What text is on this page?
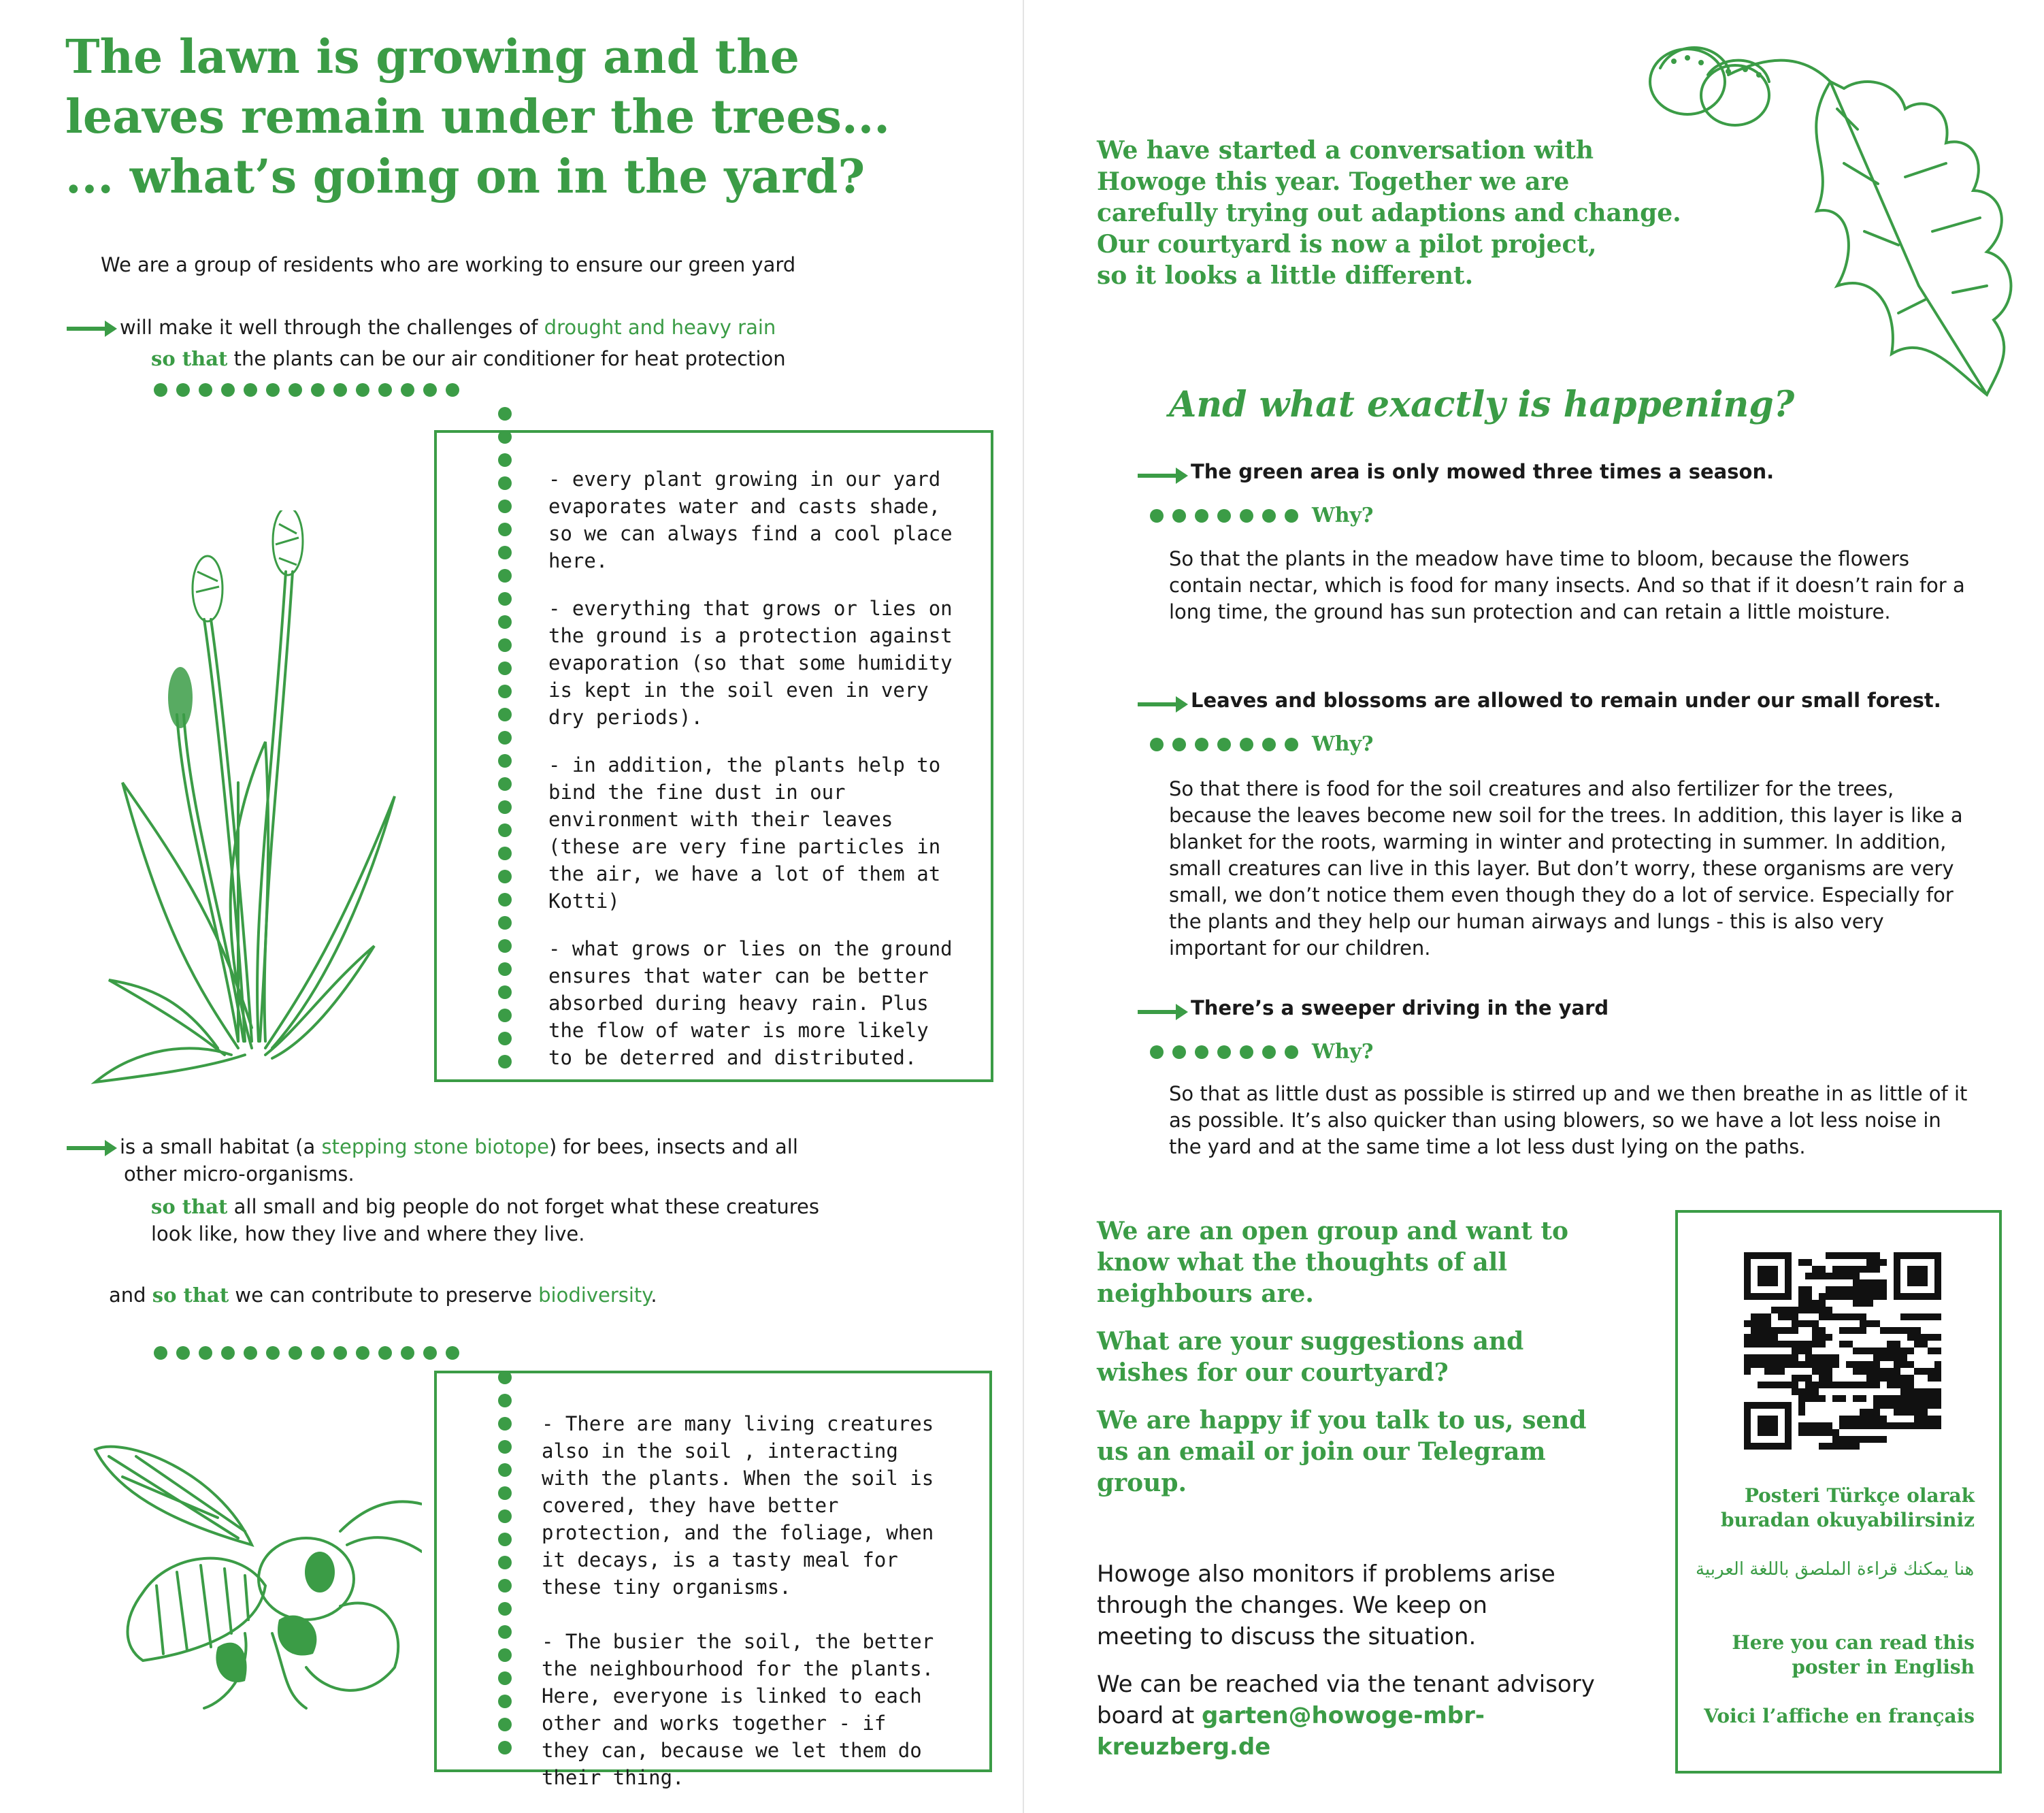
The lawn is growing and the
leaves remain under the trees...
... what’s going on in the yard?
We are a group of residents who are working to ensure our green yard
will make it well through the challenges of drought and heavy rain
so that the plants can be our air conditioner for heat protection

- every plant growing in our yard evaporates water and casts shade, so we can always find a cool place here.

- everything that grows or lies on the ground is a protection against evaporation (so that some humidity is kept in the soil even in very dry periods).

- in addition, the plants help to bind the fine dust in our environment with their leaves (these are very fine particles in the air, we have a lot of them at Kotti)

- what grows or lies on the ground ensures that water can be better absorbed during heavy rain. Plus the flow of water is more likely to be deterred and distributed.

is a small habitat (a stepping stone biotope) for bees, insects and all
other micro-organisms.
so that all small and big people do not forget what these creatures
look like, how they live and where they live.
and so that we can contribute to preserve biodiversity.

- There are many living creatures also in the soil , interacting with the plants. When the soil is covered, they have better protection, and the foliage, when it decays, is a tasty meal for these tiny organisms.

- The busier the soil, the better the neighbourhood for the plants. Here, everyone is linked to each other and works together - if they can, because we let them do their thing.

We have started a conversation with
Howoge this year. Together we are
carefully trying out adaptions and change.
Our courtyard is now a pilot project,
so it looks a little different.
And what exactly is happening?
The green area is only mowed three times a season.
Why?
So that the plants in the meadow have time to bloom, because the flowers contain nectar, which is food for many insects. And so that if it doesn’t rain for a long time, the ground has sun protection and can retain a little moisture.
Leaves and blossoms are allowed to remain under our small forest.
Why?
So that there is food for the soil creatures and also fertilizer for the trees, because the leaves become new soil for the trees. In addition, this layer is like a blanket for the roots, warming in winter and protecting in summer. In addition, small creatures can live in this layer. But don’t worry, these organisms are very small, we don’t notice them even though they do a lot of service. Especially for the plants and they help our human airways and lungs - this is also very important for our children.
There’s a sweeper driving in the yard
Why?
So that as little dust as possible is stirred up and we then breathe in as little of it as possible. It’s also quicker than using blowers, so we have a lot less noise in the yard and at the same time a lot less dust lying on the paths.

We are an open group and want to know what the thoughts of all neighbours are.

What are your suggestions and wishes for our courtyard?

We are happy if you talk to us, send us an email or join our Telegram group.

Howoge also monitors if problems arise through the changes. We keep on meeting to discuss the situation.
We can be reached via the tenant advisory board at garten@howoge-mbr-kreuzberg.de
Posteri Türkçe olarak buradan okuyabilirsiniz
هنا يمكنك قراءة الملصق باللغة العربية
Here you can read this poster in English
Voici l’affiche en français
